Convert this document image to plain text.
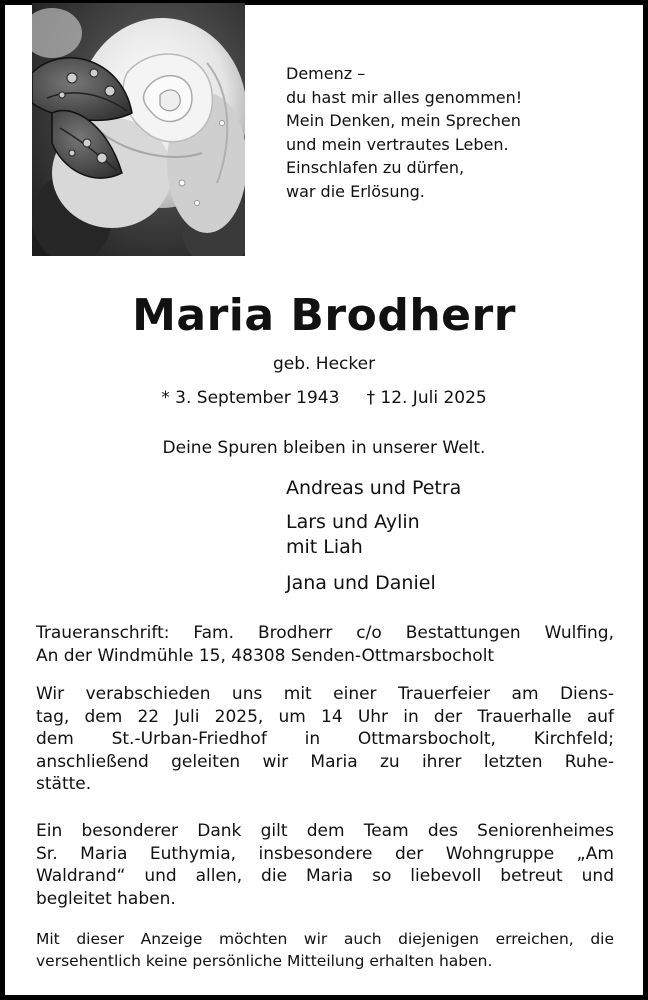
Demenz –
du hast mir alles genommen!
Mein Denken, mein Sprechen
und mein vertrautes Leben.
Einschlafen zu dürfen,
war die Erlösung.
Maria Brodherr
geb. Hecker
* 3. September 1943 † 12. Juli 2025
Deine Spuren bleiben in unserer Welt.
Andreas und Petra
Lars und Aylin
mit Liah
Jana und Daniel
Traueranschrift: Fam. Brodherr c/o Bestattungen Wulfing,
An der Windmühle 15, 48308 Senden-Ottmarsbocholt
Wir verabschieden uns mit einer Trauerfeier am Diens-
tag, dem 22 Juli 2025, um 14 Uhr in der Trauerhalle auf
dem St.-Urban-Friedhof in Ottmarsbocholt, Kirchfeld;
anschließend geleiten wir Maria zu ihrer letzten Ruhe-
stätte.
Ein besonderer Dank gilt dem Team des Seniorenheimes
Sr. Maria Euthymia, insbesondere der Wohngruppe „Am
Waldrand“ und allen, die Maria so liebevoll betreut und
begleitet haben.
Mit dieser Anzeige möchten wir auch diejenigen erreichen, die
versehentlich keine persönliche Mitteilung erhalten haben.
